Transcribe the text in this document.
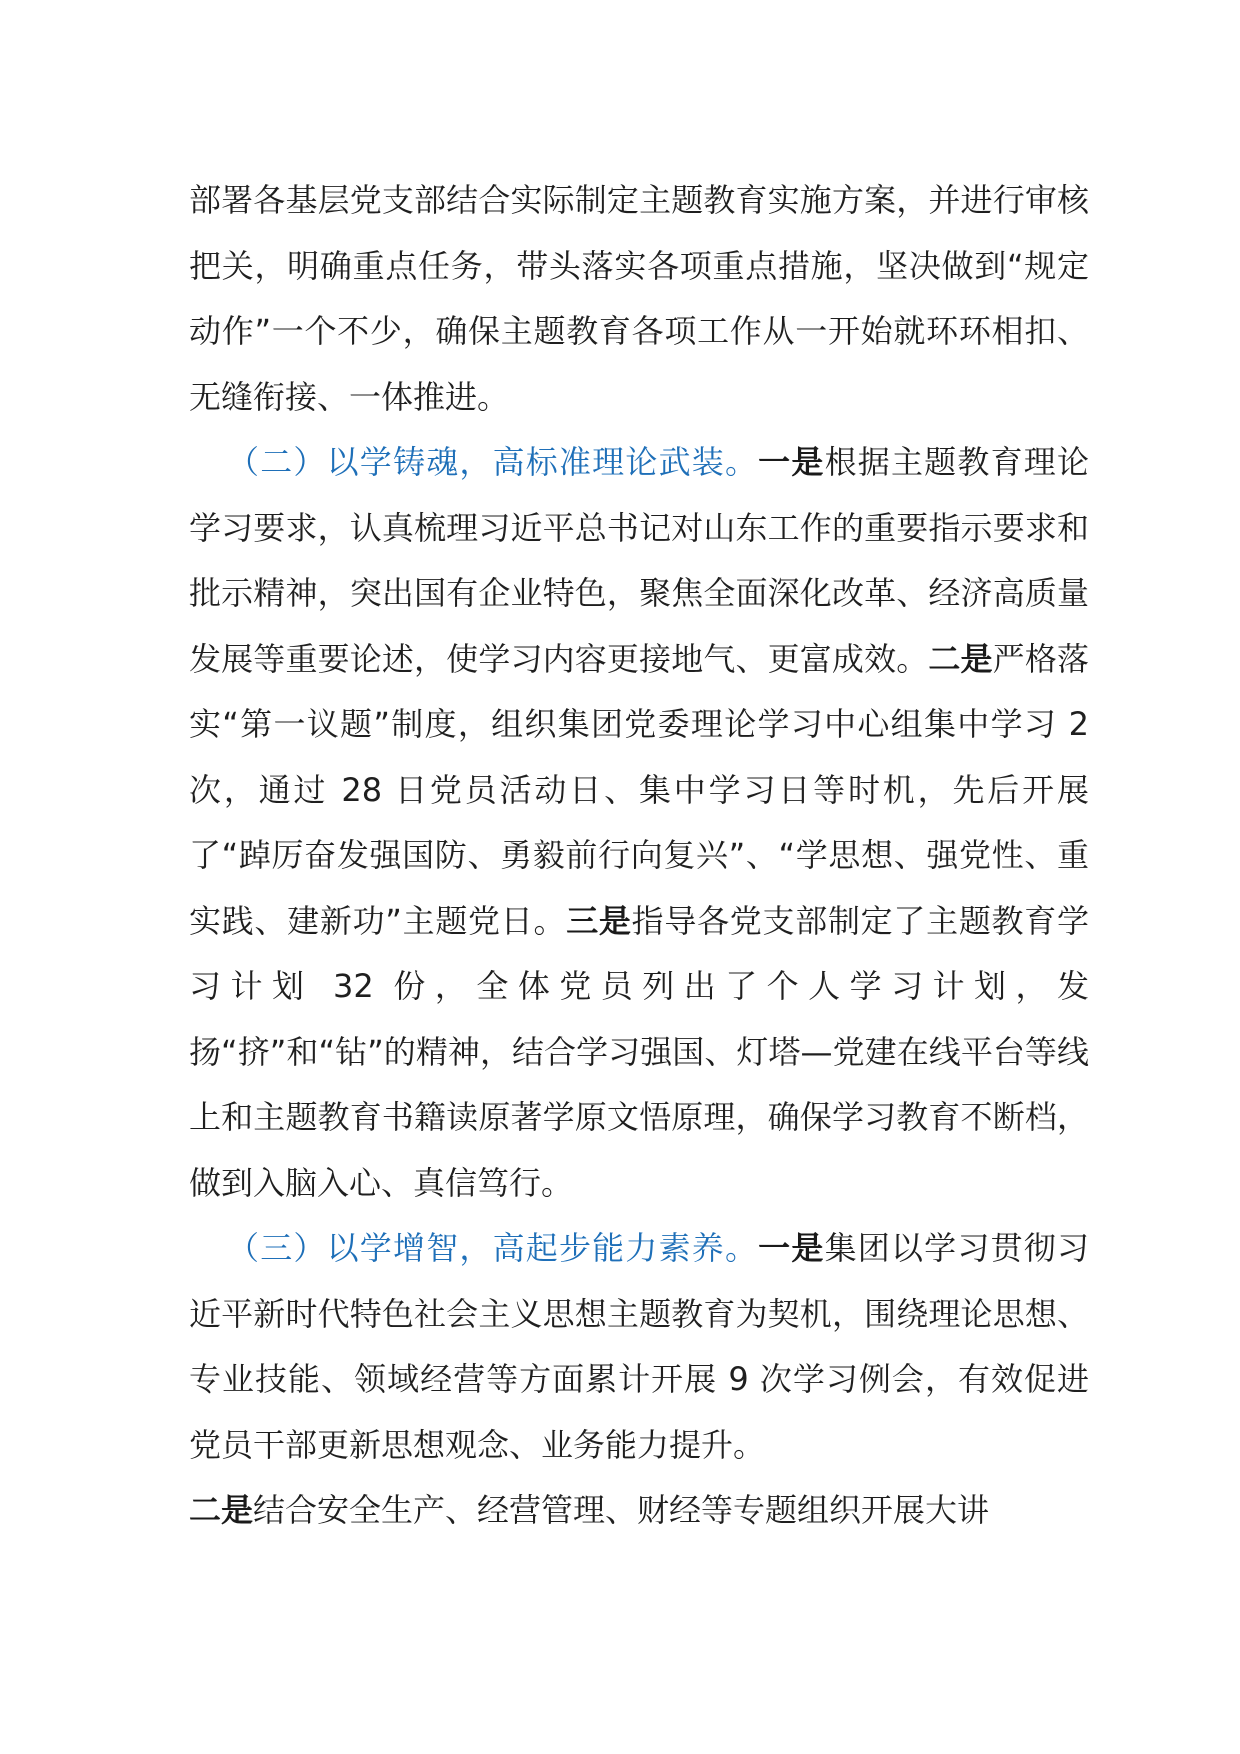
部署各基层党支部结合实际制定主题教育实施方案，并进行审核把关，明确重点任务，带头落实各项重点措施，坚决做到“规定动作”一个不少，确保主题教育各项工作从一开始就环环相扣、无缝衔接、一体推进。

（二）以学铸魂，高标准理论武装。一是根据主题教育理论学习要求，认真梳理习近平总书记对山东工作的重要指示要求和批示精神，突出国有企业特色，聚焦全面深化改革、经济高质量发展等重要论述，使学习内容更接地气、更富成效。二是严格落实“第一议题”制度，组织集团党委理论学习中心组集中学习 2 次，通过 28 日党员活动日、集中学习日等时机，先后开展了“踔厉奋发强国防、勇毅前行向复兴”、“学思想、强党性、重实践、建新功”主题党日。三是指导各党支部制定了主题教育学习计划 32 份，全体党员列出了个人学习计划，发扬“挤”和“钻”的精神，结合学习强国、灯塔—党建在线平台等线上和主题教育书籍读原著学原文悟原理，确保学习教育不断档，做到入脑入心、真信笃行。

（三）以学增智，高起步能力素养。一是集团以学习贯彻习近平新时代特色社会主义思想主题教育为契机，围绕理论思想、专业技能、领域经营等方面累计开展 9 次学习例会，有效促进党员干部更新思想观念、业务能力提升。
二是结合安全生产、经营管理、财经等专题组织开展大讲
